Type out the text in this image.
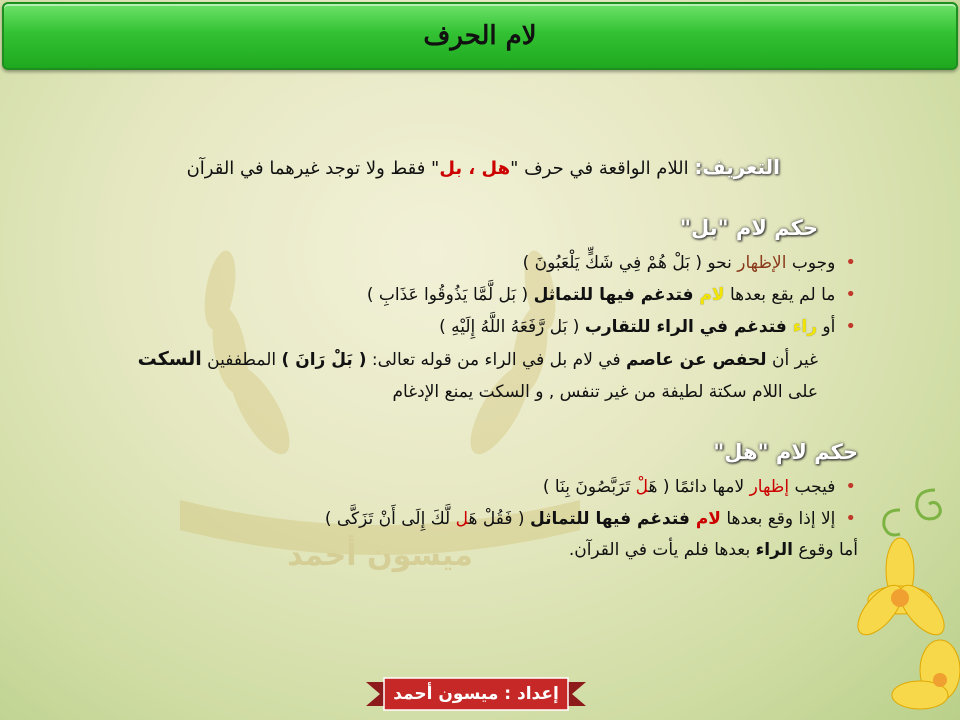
ميسون أحمد
لام الحرف
التعريف: اللام الواقعة في حرف "هل ، بل" فقط ولا توجد غيرهما في القرآن
حكم لام "بل"
•وجوب الإظهار نحو ( بَلْ هُمْ فِي شَكٍّ يَلْعَبُونَ )
•ما لم يقع بعدها لام فتدغم فيها للتماثل ( بَل لَّمَّا يَذُوقُوا عَذَابِ )
•أو راء فتدغم في الراء للتقارب ( بَل رَّفَعَهُ اللَّهُ إِلَيْهِ )
غير أن لحفص عن عاصم في لام بل في الراء من قوله تعالى: ( بَلْ رَانَ ) المطففين السكت
على اللام سكتة لطيفة من غير تنفس , و السكت يمنع الإدغام
حكم لام "هل"
•فيجب إظهار لامها دائمًا ( هَلْ تَرَبَّصُونَ بِنَا )
•إلا إذا وقع بعدها لام فتدغم فيها للتماثل ( فَقُلْ هَل لَّكَ إِلَى أَنْ تَزَكَّى )
أما وقوع الراء بعدها فلم يأت في القرآن.
إعداد : ميسون أحمد
